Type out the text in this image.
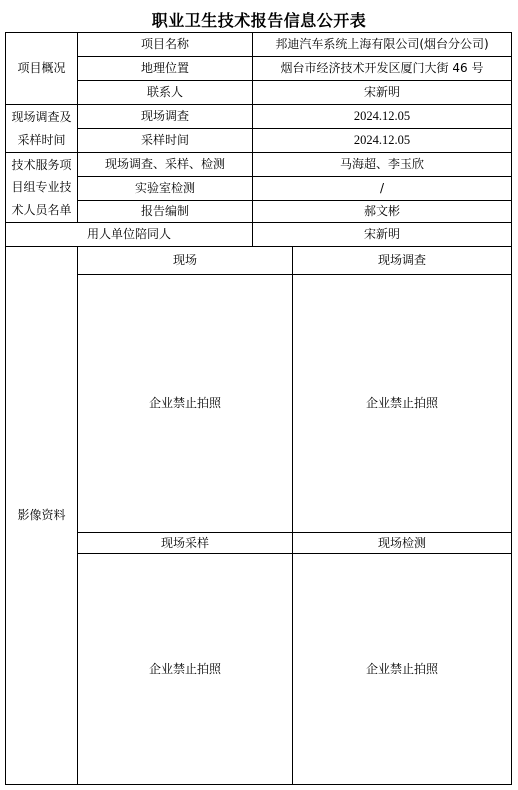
职业卫生技术报告信息公开表
项目概况
项目名称	邦迪汽车系统上海有限公司(烟台分公司)
地理位置	烟台市经济技术开发区厦门大街 46 号
联系人	宋新明
现场调查及
采样时间
现场调查	2024.12.05
采样时间	2024.12.05
技术服务项
目组专业技
术人员名单
现场调查、采样、检测	马海超、李玉欣
实验室检测	/
报告编制	郝文彬
用人单位陪同人	宋新明
影像资料
现场	现场调查
企业禁止拍照	企业禁止拍照
现场采样	现场检测
企业禁止拍照	企业禁止拍照
